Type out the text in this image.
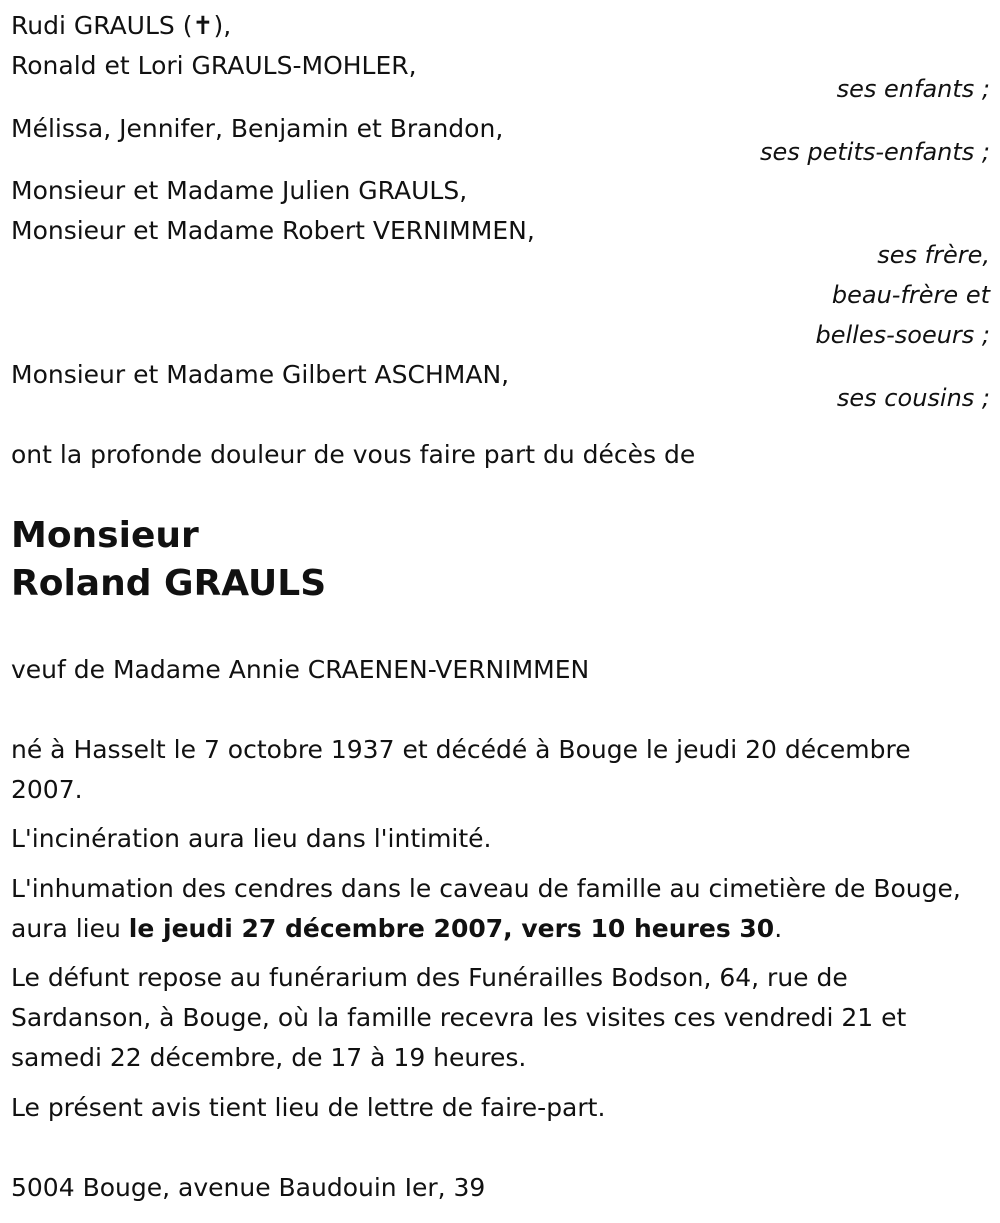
Rudi GRAULS (✝),
Ronald et Lori GRAULS-MOHLER,
ses enfants ;
Mélissa, Jennifer, Benjamin et Brandon,
ses petits-enfants ;
Monsieur et Madame Julien GRAULS,
Monsieur et Madame Robert VERNIMMEN,
ses frère,
beau-frère et
belles-soeurs ;
Monsieur et Madame Gilbert ASCHMAN,
ses cousins ;
ont la profonde douleur de vous faire part du décès de
Monsieur
Roland GRAULS
veuf de Madame Annie CRAENEN-VERNIMMEN
né à Hasselt le 7 octobre 1937 et décédé à Bouge le jeudi 20 décembre 2007.
L'incinération aura lieu dans l'intimité.
L'inhumation des cendres dans le caveau de famille au cimetière de Bouge, aura lieu le jeudi 27 décembre 2007, vers 10 heures 30.
Le défunt repose au funérarium des Funérailles Bodson, 64, rue de Sardanson, à Bouge, où la famille recevra les visites ces vendredi 21 et samedi 22 décembre, de 17 à 19 heures.
Le présent avis tient lieu de lettre de faire-part.
5004 Bouge, avenue Baudouin Ier, 39
